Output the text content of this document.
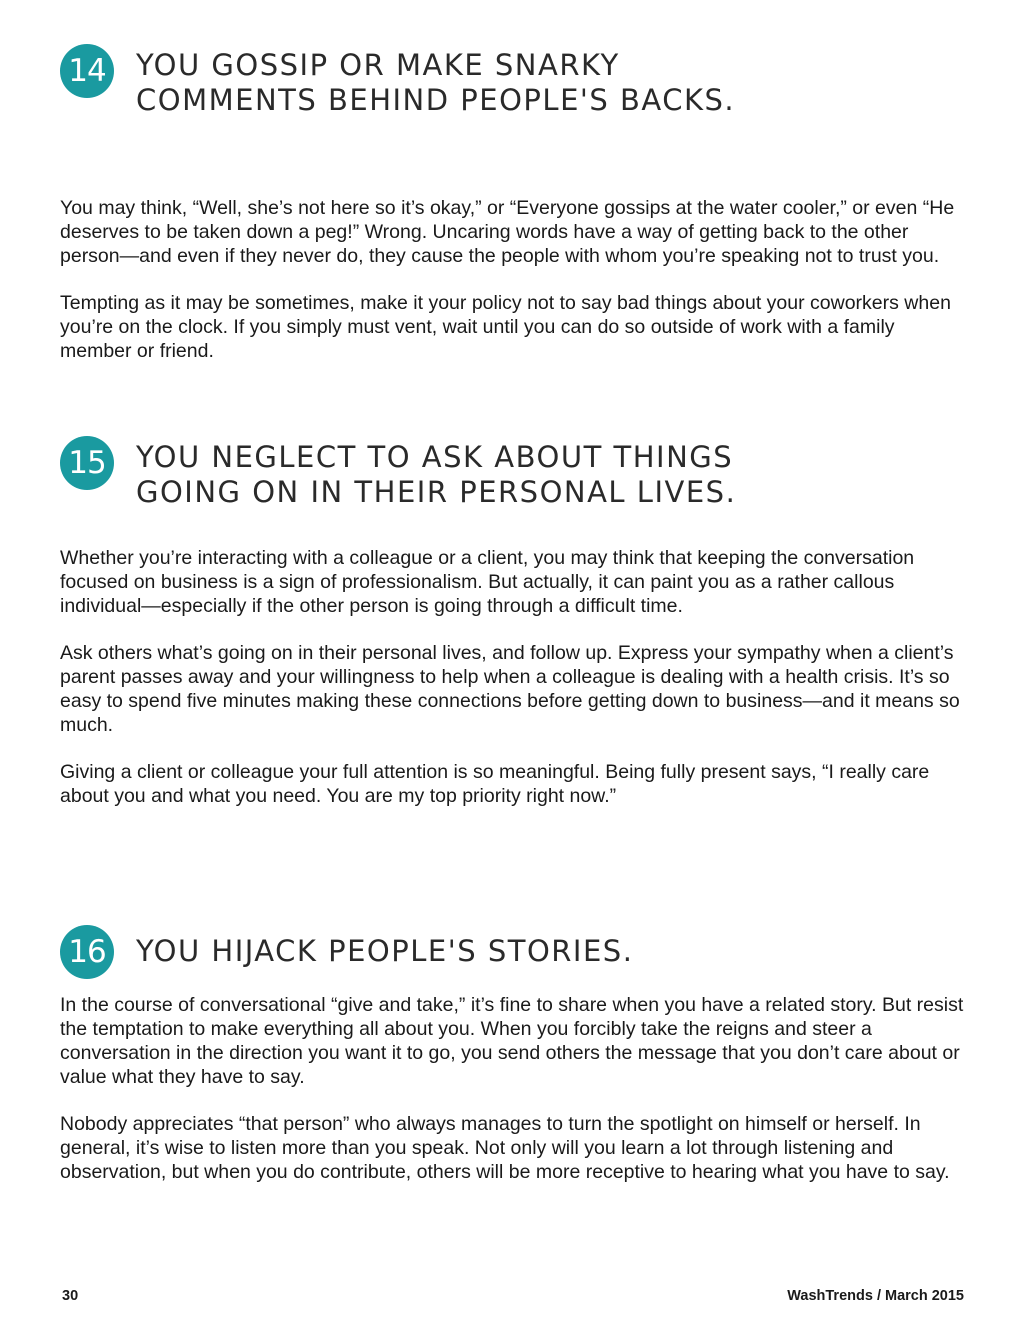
14 YOU GOSSIP OR MAKE SNARKY
COMMENTS BEHIND PEOPLE'S BACKS.

You may think, “Well, she’s not here so it’s okay,” or “Everyone gossips at the water cooler,” or even “He deserves to be taken down a peg!” Wrong. Uncaring words have a way of getting back to the other person—and even if they never do, they cause the people with whom you’re speaking not to trust you.

Tempting as it may be sometimes, make it your policy not to say bad things about your coworkers when you’re on the clock. If you simply must vent, wait until you can do so outside of work with a family member or friend.

15 YOU NEGLECT TO ASK ABOUT THINGS
GOING ON IN THEIR PERSONAL LIVES.

Whether you’re interacting with a colleague or a client, you may think that keeping the conversation focused on business is a sign of professionalism. But actually, it can paint you as a rather callous individual—especially if the other person is going through a difficult time.

Ask others what’s going on in their personal lives, and follow up. Express your sympathy when a client’s parent passes away and your willingness to help when a colleague is dealing with a health crisis. It’s so easy to spend five minutes making these connections before getting down to business—and it means so much.

Giving a client or colleague your full attention is so meaningful. Being fully present says, “I really care about you and what you need. You are my top priority right now.”

16 YOU HIJACK PEOPLE'S STORIES.

In the course of conversational “give and take,” it’s fine to share when you have a related story. But resist the temptation to make everything all about you. When you forcibly take the reigns and steer a conversation in the direction you want it to go, you send others the message that you don’t care about or value what they have to say.

Nobody appreciates “that person” who always manages to turn the spotlight on himself or herself. In general, it’s wise to listen more than you speak. Not only will you learn a lot through listening and observation, but when you do contribute, others will be more receptive to hearing what you have to say.

30	WashTrends / March 2015
